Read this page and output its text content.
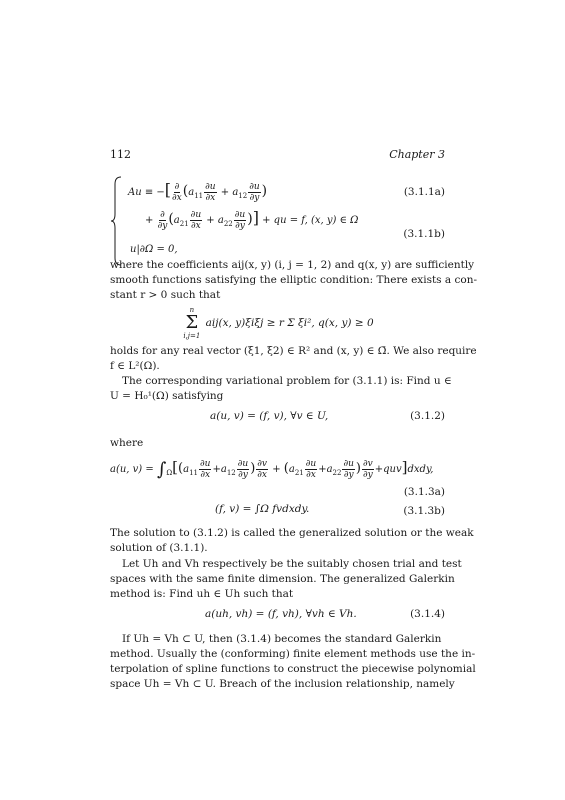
112	Chapter 3
Au ≡ −[ $\frac{\partial}{\partial x} (a_{11} \frac{\partial u}{\partial x} + a_{12} \frac{\partial u}{\partial y}$ )	(3.1.1a)
+ $\frac{\partial}{\partial y} (a_{21} \frac{\partial u}{\partial x} + a_{22} \frac{\partial u}{\partial y}$ )] + qu = f, (x, y) ∈ Ω
(3.1.1b)
u|∂Ω = 0,
where the coefficients aij(x, y) (i, j = 1, 2) and q(x, y) are sufficiently
smooth functions satisfying the elliptic condition: There exists a con-
stant r > 0 such that
n
Σ
i,j=1
aij(x, y)ξiξj ≥ r Σ ξi², q(x, y) ≥ 0
holds for any real vector (ξ1, ξ2) ∈ R² and (x, y) ∈ Ω̄. We also require
f ∈ L²(Ω).
The corresponding variational problem for (3.1.1) is: Find u ∈
U = H₀¹(Ω) satisfying
a(u, v) = (f, v), ∀v ∈ U,	(3.1.2)
where
a(u, $v) = \int_\Omega[(a_{11} \frac{\partial u}{\partial x} +a_{12} \frac{\partial u}{\partial y}$ ) $\frac{\partial v}{\partial x} + (a_{21} \frac{\partial u}{\partial x} +a_{22} \frac{\partial u}{\partial y}$ ) $\frac{\partial v}{\partial y}$ +quv]dxdy,
(3.1.3a)
(f, v) = ∫Ω fvdxdy.	(3.1.3b)
The solution to (3.1.2) is called the generalized solution or the weak
solution of (3.1.1).
Let Uh and Vh respectively be the suitably chosen trial and test
spaces with the same finite dimension. The generalized Galerkin
method is: Find uh ∈ Uh such that
a(uh, vh) = (f, vh), ∀vh ∈ Vh.	(3.1.4)
If Uh = Vh ⊂ U, then (3.1.4) becomes the standard Galerkin
method. Usually the (conforming) finite element methods use the in-
terpolation of spline functions to construct the piecewise polynomial
space Uh = Vh ⊂ U. Breach of the inclusion relationship, namely
